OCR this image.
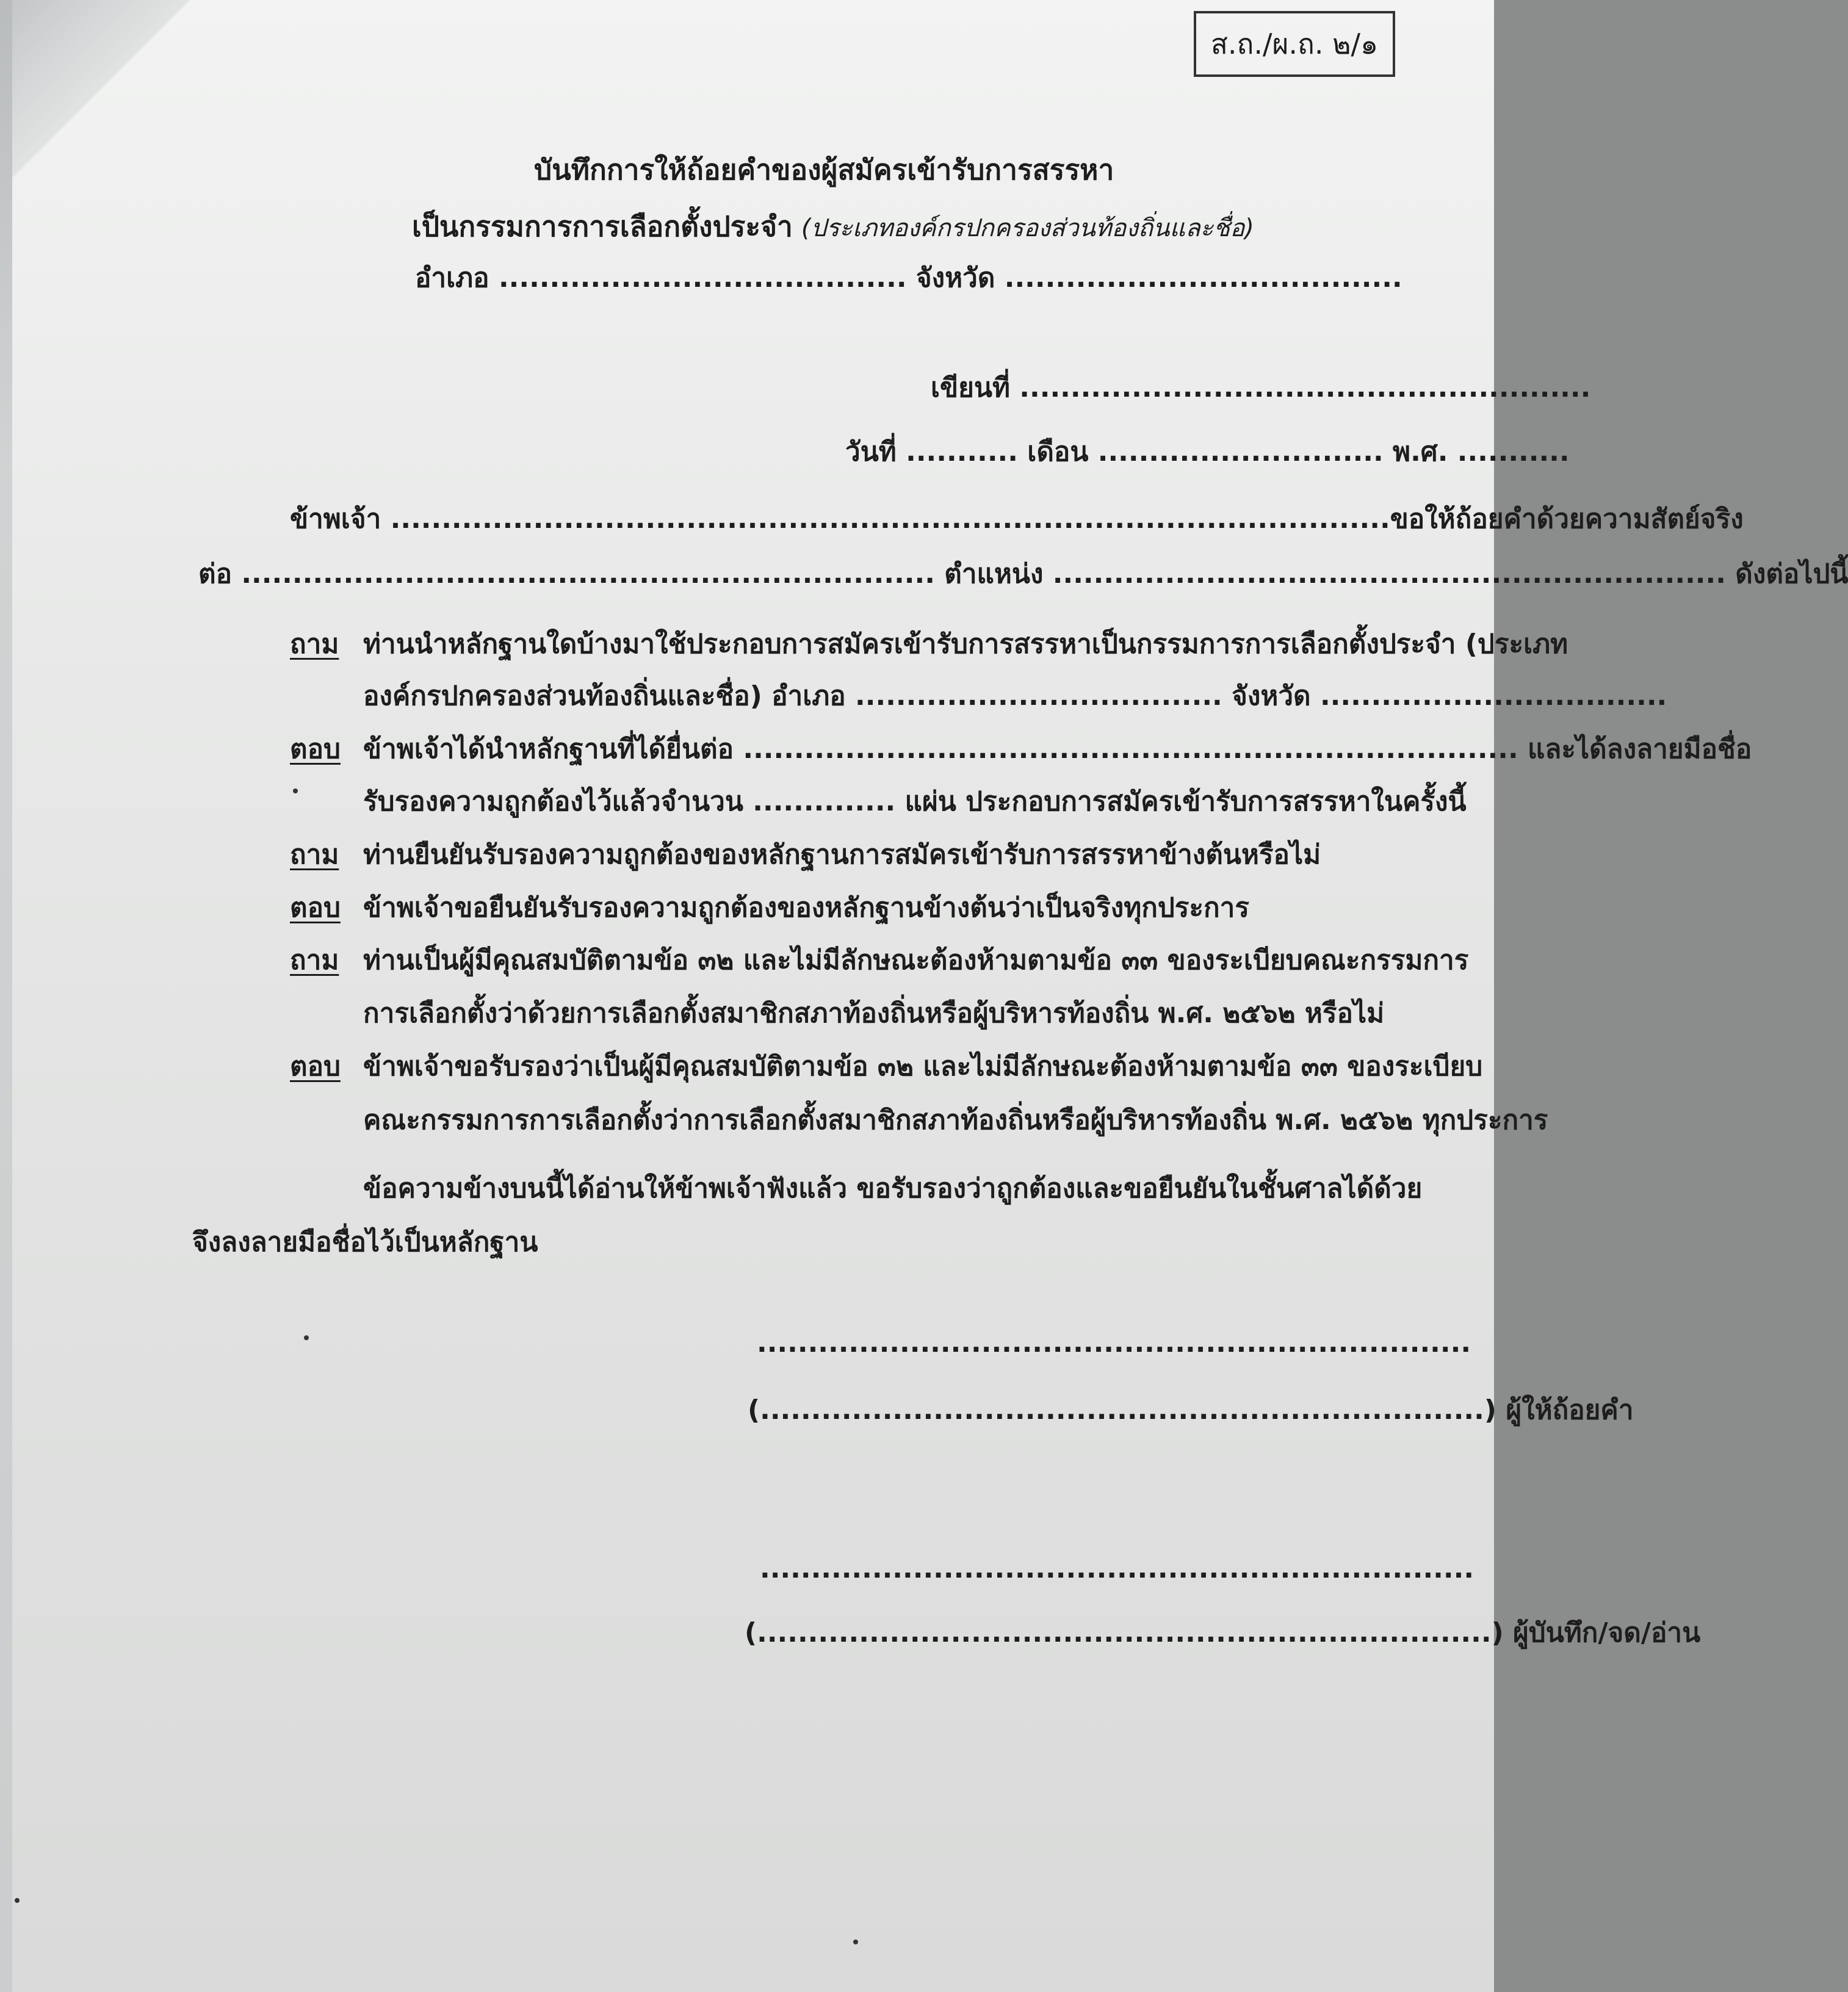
ส.ถ./ผ.ถ. ๒/๑
บันทึกการให้ถ้อยคำของผู้สมัครเข้ารับการสรรหา
เป็นกรรมการการเลือกตั้งประจำ (ประเภทองค์กรปกครองส่วนท้องถิ่นและชื่อ)
อำเภอ ........................................ จังหวัด .......................................
เขียนที่ ........................................................
วันที่ ........... เดือน ............................ พ.ศ. ...........
ข้าพเจ้า ..................................................................................................ขอให้ถ้อยคำด้วยความสัตย์จริง
ต่อ .................................................................... ตำแหน่ง .................................................................. ดังต่อไปนี้
ถาม ท่านนำหลักฐานใดบ้างมาใช้ประกอบการสมัครเข้ารับการสรรหาเป็นกรรมการการเลือกตั้งประจำ (ประเภท
องค์กรปกครองส่วนท้องถิ่นและชื่อ) อำเภอ .................................... จังหวัด ..................................
ตอบ ข้าพเจ้าได้นำหลักฐานที่ได้ยื่นต่อ ............................................................................ และได้ลงลายมือชื่อ
รับรองความถูกต้องไว้แล้วจำนวน .............. แผ่น ประกอบการสมัครเข้ารับการสรรหาในครั้งนี้
ถาม ท่านยืนยันรับรองความถูกต้องของหลักฐานการสมัครเข้ารับการสรรหาข้างต้นหรือไม่
ตอบ ข้าพเจ้าขอยืนยันรับรองความถูกต้องของหลักฐานข้างต้นว่าเป็นจริงทุกประการ
ถาม ท่านเป็นผู้มีคุณสมบัติตามข้อ ๓๒ และไม่มีลักษณะต้องห้ามตามข้อ ๓๓ ของระเบียบคณะกรรมการ
การเลือกตั้งว่าด้วยการเลือกตั้งสมาชิกสภาท้องถิ่นหรือผู้บริหารท้องถิ่น พ.ศ. ๒๕๖๒ หรือไม่
ตอบ ข้าพเจ้าขอรับรองว่าเป็นผู้มีคุณสมบัติตามข้อ ๓๒ และไม่มีลักษณะต้องห้ามตามข้อ ๓๓ ของระเบียบ
คณะกรรมการการเลือกตั้งว่าการเลือกตั้งสมาชิกสภาท้องถิ่นหรือผู้บริหารท้องถิ่น พ.ศ. ๒๕๖๒ ทุกประการ
ข้อความข้างบนนี้ได้อ่านให้ข้าพเจ้าฟังแล้ว ขอรับรองว่าถูกต้องและขอยืนยันในชั้นศาลได้ด้วย
จึงลงลายมือชื่อไว้เป็นหลักฐาน
......................................................................
(.......................................................................) ผู้ให้ถ้อยคำ
......................................................................
(........................................................................) ผู้บันทึก/จด/อ่าน
